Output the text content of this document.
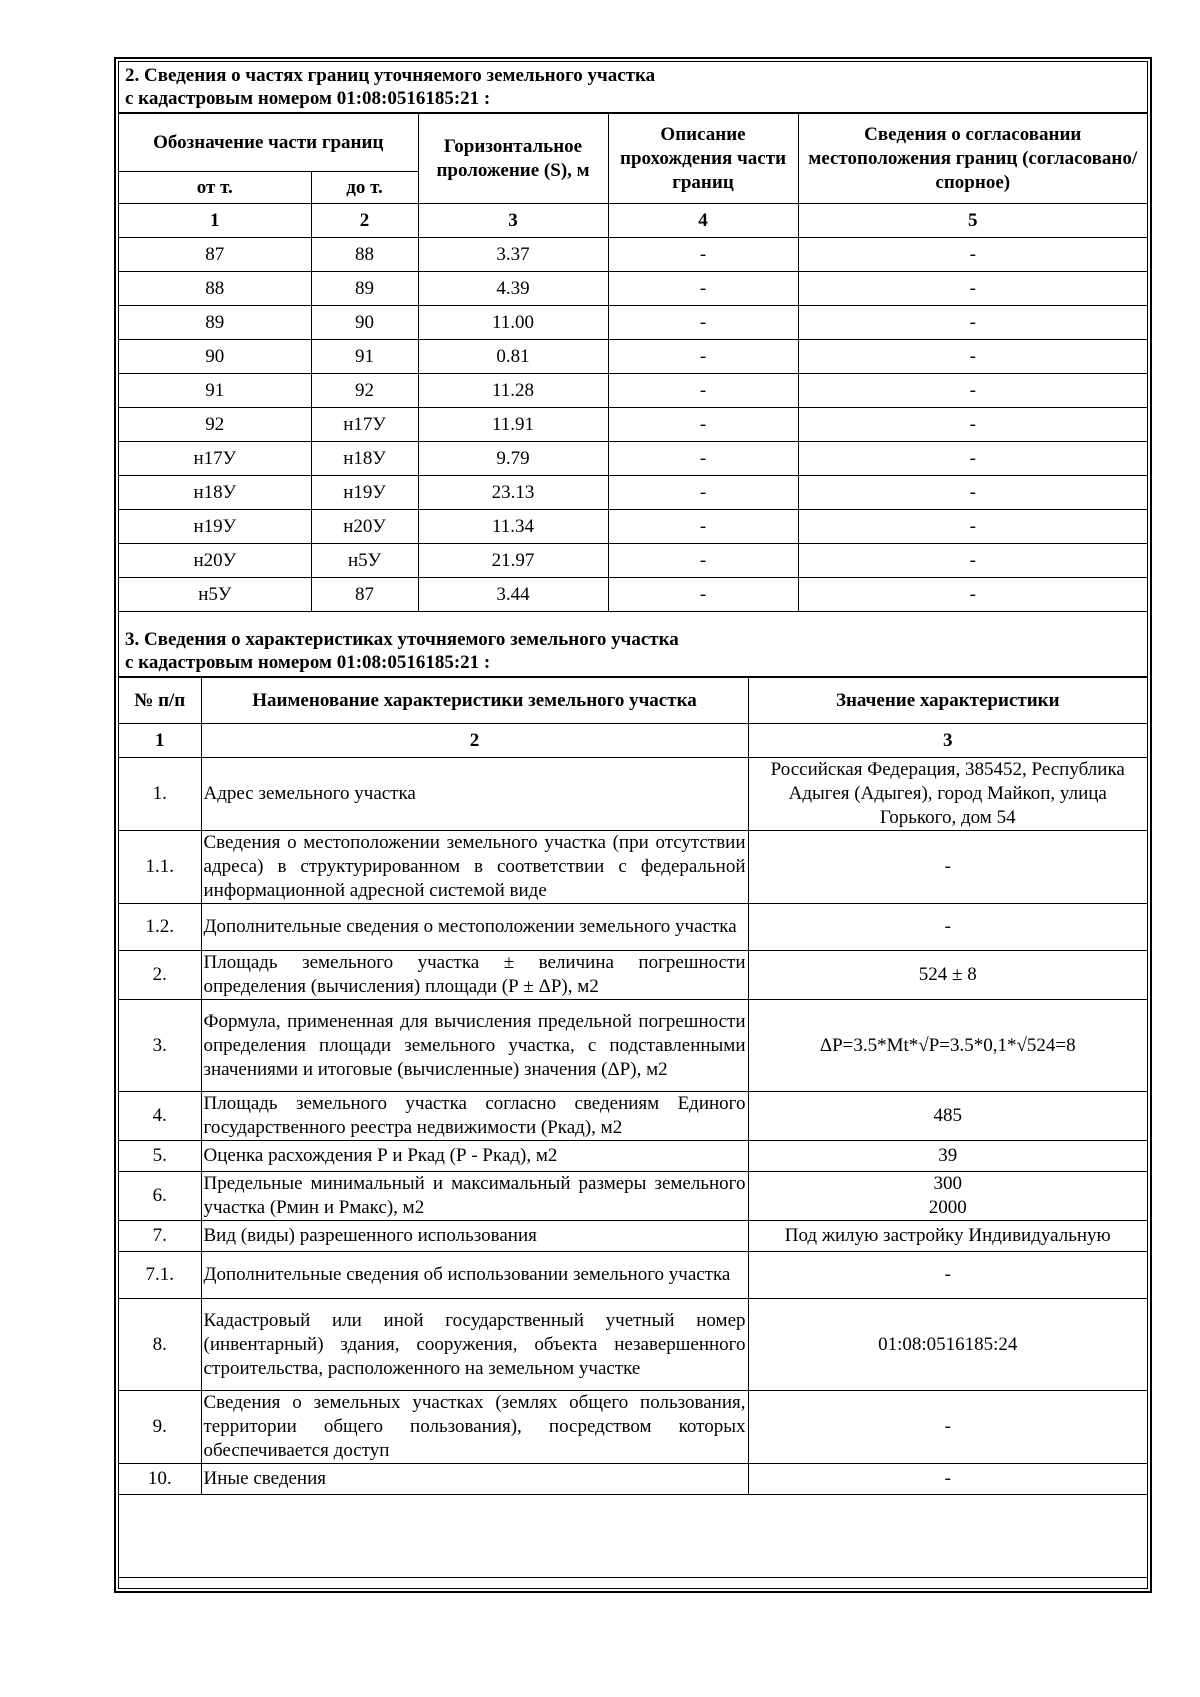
2. Сведения о частях границ уточняемого земельного участка
с кадастровым номером 01:08:0516185:21 :
Обозначение части границ		Горизонтальное проложение (S), м	Описание прохождения части границ	Сведения о согласовании местоположения границ (согласовано/спорное)
от т.	до т.			
1	2	3	4	5
87	88	3.37	-	-
88	89	4.39	-	-
89	90	11.00	-	-
90	91	0.81	-	-
91	92	11.28	-	-
92	н17У	11.91	-	-
н17У	н18У	9.79	-	-
н18У	н19У	23.13	-	-
н19У	н20У	11.34	-	-
н20У	н5У	21.97	-	-
н5У	87	3.44	-	-
3. Сведения о характеристиках уточняемого земельного участка
с кадастровым номером 01:08:0516185:21 :
№ п/п	Наименование характеристики земельного участка	Значение характеристики
1	2	3
1.	Адрес земельного участка	Российская Федерация, 385452, Республика Адыгея (Адыгея), город Майкоп, улица Горького, дом 54
1.1.	Сведения о местоположении земельного участка (при отсутствии адреса) в структурированном в соответствии с федеральной информационной адресной системой виде	-
1.2.	Дополнительные сведения о местоположении земельного участка	-
2.	Площадь земельного участка ± величина погрешности определения (вычисления) площади (Р ± ΔР), м2	524 ± 8
3.	Формула, примененная для вычисления предельной погрешности определения площади земельного участка, с подставленными значениями и итоговые (вычисленные) значения (ΔР), м2	ΔР=3.5*Mt*√Р=3.5*0,1*√524=8
4.	Площадь земельного участка согласно сведениям Единого государственного реестра недвижимости (Ркад), м2	485
5.	Оценка расхождения Р и Ркад (Р - Ркад), м2	39
6.	Предельные минимальный и максимальный размеры земельного участка (Рмин и Рмакс), м2	300
2000

7.	Вид (виды) разрешенного использования	Под жилую застройку Индивидуальную
7.1.	Дополнительные сведения об использовании земельного участка	-
8.	Кадастровый или иной государственный учетный номер (инвентарный) здания, сооружения, объекта незавершенного строительства, расположенного на земельном участке	01:08:0516185:24
9.	Сведения о земельных участках (землях общего пользования, территории общего пользования), посредством которых обеспечивается доступ	-
10.	Иные сведения	-
